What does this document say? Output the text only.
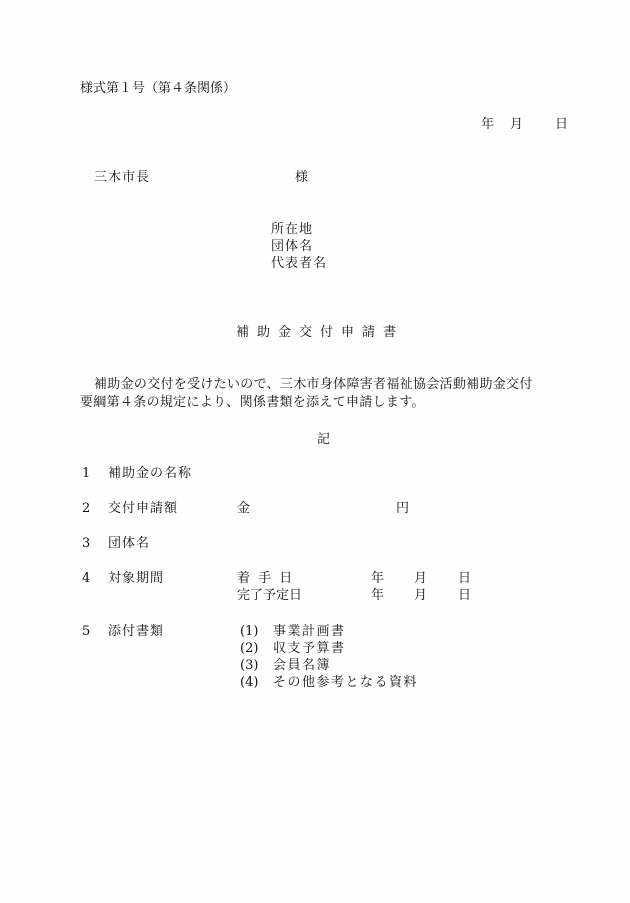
様式第１号（第４条関係）
年 月 日
三木市長	様
所在地
団体名
代表者名
補助金交付申請書
補助金の交付を受けたいので、三木市身体障害者福祉協会活動補助金交付
要綱第４条の規定により、関係書類を添えて申請します。
記
1 補助金の名称
2 交付申請額	金	円
3 団体名
4 対象期間	着 手 日	年 月 日
完了予定日	年 月 日
5 添付書類	(1) 事業計画書
(2) 収支予算書
(3) 会員名簿
(4) その他参考となる資料
